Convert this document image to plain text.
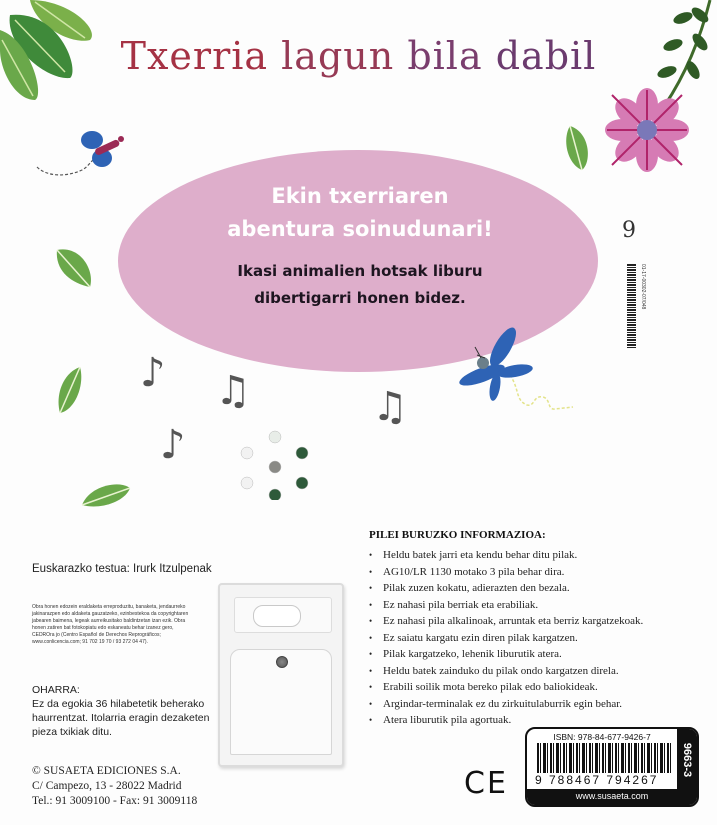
Txerria lagun bila dabil
Ekin txerriaren
abentura soinudunari!
Ikasi animalien hotsak liburu
dibertigarri honen bidez.
♪ ♫
♪
♫
9
01-17-00302-07/048
Euskarazko testua: Irurk Itzulpenak
Obra honen edozein eraldaketa erreproduzitu, banaketa, jendaurreko jakinarazpen edo aldaketa gauzatzeko, ezinbestekoa da copyrightaren jabearen baimena, legeak aurreikusitako baldintzetan izan ezik. Obra honen zatiren bat fotokopiatu edo eskaneatu behar izanez gero, CEDROra jo (Centro Español de Derechos Reprográficos; www.conlicencia.com; 91 702 19 70 / 93 272 04 47).
OHARRA:
Ez da egokia 36 hilabetetik beherako haurrentzat. Itolarria eragin dezaketen pieza txikiak ditu.
© SUSAETA EDICIONES S.A.
C/ Campezo, 13 - 28022 Madrid
Tel.: 91 3009100 - Fax: 91 3009118
PILEI BURUZKO INFORMAZIOA:
• Heldu batek jarri eta kendu behar ditu pilak.
• AG10/LR 1130 motako 3 pila behar dira.
• Pilak zuzen kokatu, adierazten den bezala.
• Ez nahasi pila berriak eta erabiliak.
• Ez nahasi pila alkalinoak, arruntak eta berriz kargatzekoak.
• Ez saiatu kargatu ezin diren pilak kargatzen.
• Pilak kargatzeko, lehenik liburutik atera.
• Heldu batek zainduko du pilak ondo kargatzen direla.
• Erabili soilik mota bereko pilak edo baliokideak.
• Argindar-terminalak ez du zirkuitulaburrik egin behar.
• Atera liburutik pila agortuak.
CE
ISBN: 978-84-677-9426-7
9 788467 794267
9663-3
www.susaeta.com
